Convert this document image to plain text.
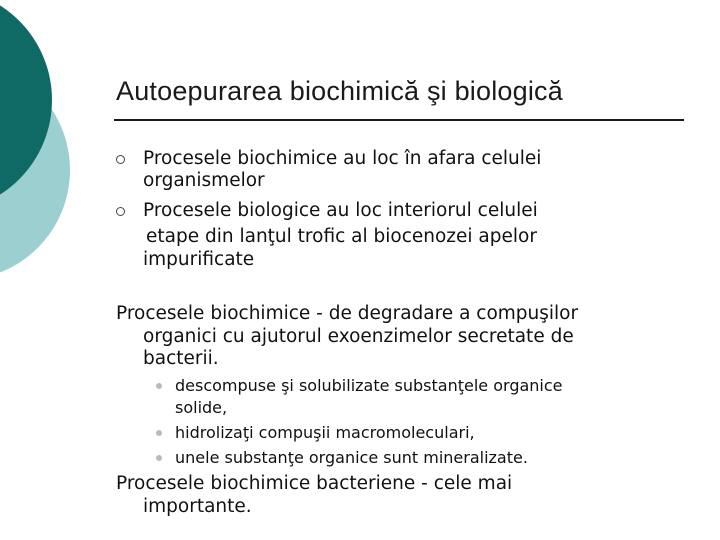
Autoepurarea biochimică şi biologică
Procesele biochimice au loc în afara celulei
organismelor
Procesele biologice au loc interiorul celulei
etape din lanţul trofic al biocenozei apelor
impurificate
Procesele biochimice - de degradare a compuşilor
organici cu ajutorul exoenzimelor secretate de
bacterii.
descompuse şi solubilizate substanţele organice
solide,
hidrolizaţi compuşii macromoleculari,
unele substanţe organice sunt mineralizate.
Procesele biochimice bacteriene - cele mai
importante.
